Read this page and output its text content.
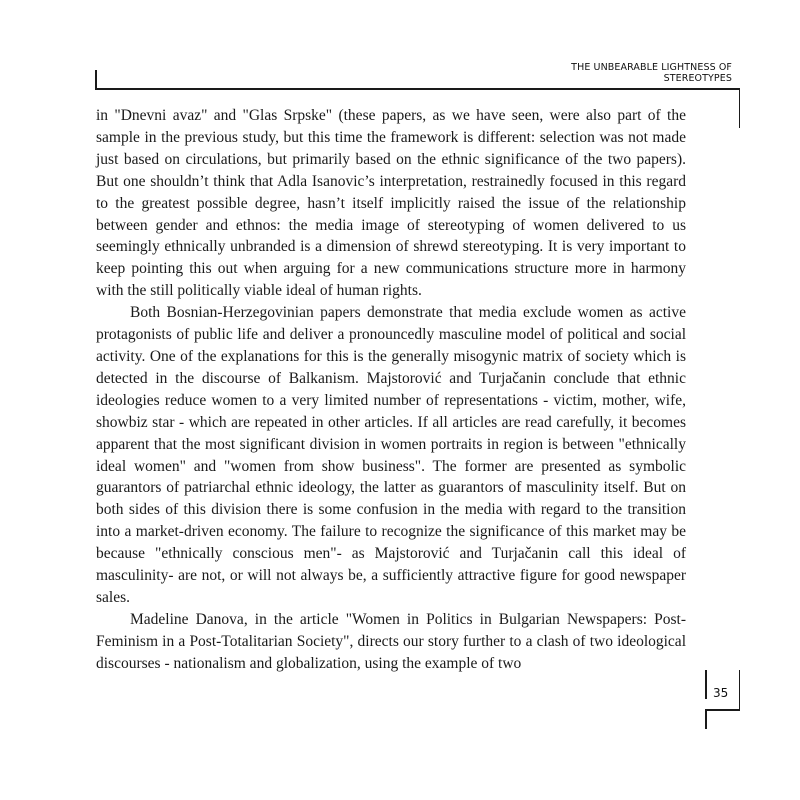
THE UNBEARABLE LIGHTNESS OF
STEREOTYPES

in "Dnevni avaz" and "Glas Srpske" (these papers, as we have seen, were also part of the sample in the previous study, but this time the framework is different: selection was not made just based on circulations, but primarily based on the ethnic significance of the two papers). But one shouldn’t think that Adla Isanovic’s interpretation, restrainedly focused in this regard to the greatest possible degree, hasn’t itself implicitly raised the issue of the relationship between gender and ethnos: the media image of stereotyping of women delivered to us seemingly ethnically unbranded is a dimension of shrewd stereotyping. It is very important to keep pointing this out when arguing for a new communications structure more in harmony with the still politically viable ideal of human rights.

Both Bosnian-Herzegovinian papers demonstrate that media exclude women as active protagonists of public life and deliver a pronouncedly masculine model of political and social activity. One of the explanations for this is the generally misogynic matrix of society which is detected in the discourse of Balkanism. Majstorović and Turjačanin conclude that ethnic ideologies reduce women to a very limited number of representations - victim, mother, wife, showbiz star - which are repeated in other articles. If all articles are read carefully, it becomes apparent that the most significant division in women portraits in region is between "ethnically ideal women" and "women from show business". The former are presented as symbolic guarantors of patriarchal ethnic ideology, the latter as guarantors of masculinity itself. But on both sides of this division there is some confusion in the media with regard to the transition into a market-driven economy. The failure to recognize the significance of this market may be because "ethnically conscious men"- as Majstorović and Turjačanin call this ideal of masculinity- are not, or will not always be, a sufficiently attractive figure for good newspaper sales.

Madeline Danova, in the article "Women in Politics in Bulgarian Newspapers: Post-Feminism in a Post-Totalitarian Society", directs our story further to a clash of two ideological discourses - nationalism and globalization, using the example of two

35
